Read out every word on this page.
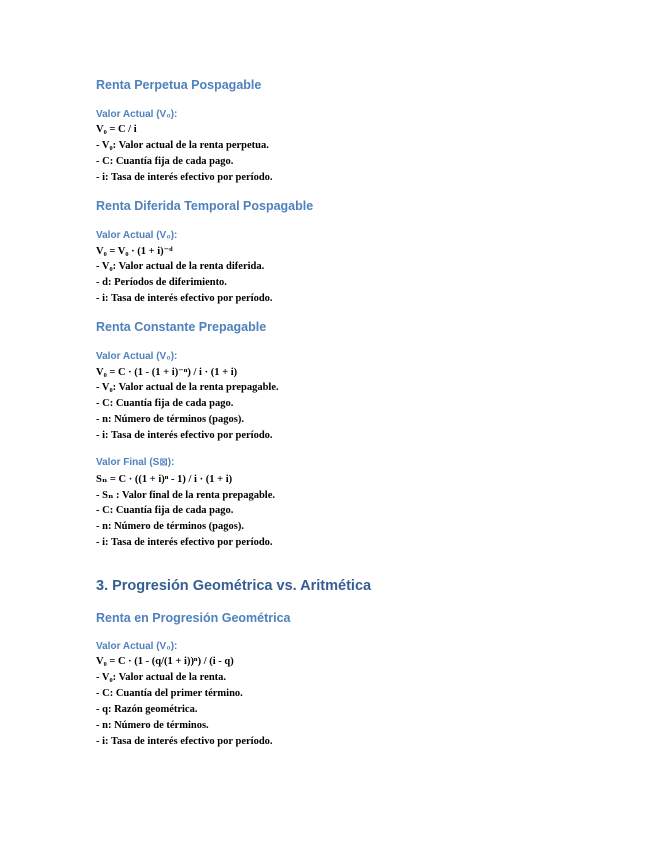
Renta Perpetua Pospagable
Valor Actual (V₀):
V₀ = C / i
- V₀: Valor actual de la renta perpetua.
- C: Cuantía fija de cada pago.
- i: Tasa de interés efectivo por período.
Renta Diferida Temporal Pospagable
Valor Actual (V₀):
V₀ = V₀ · (1 + i)⁻ᵈ
- V₀: Valor actual de la renta diferida.
- d: Períodos de diferimiento.
- i: Tasa de interés efectivo por período.
Renta Constante Prepagable
Valor Actual (V₀):
V₀ = C · (1 - (1 + i)⁻ⁿ) / i · (1 + i)
- V₀: Valor actual de la renta prepagable.
- C: Cuantía fija de cada pago.
- n: Número de términos (pagos).
- i: Tasa de interés efectivo por período.
Valor Final (S⊠):
Sₙ = C · ((1 + i)ⁿ - 1) / i · (1 + i)
- Sₙ : Valor final de la renta prepagable.
- C: Cuantía fija de cada pago.
- n: Número de términos (pagos).
- i: Tasa de interés efectivo por período.
3. Progresión Geométrica vs. Aritmética
Renta en Progresión Geométrica
Valor Actual (V₀):
V₀ = C · (1 - (q/(1 + i))ⁿ) / (i - q)
- V₀: Valor actual de la renta.
- C: Cuantía del primer término.
- q: Razón geométrica.
- n: Número de términos.
- i: Tasa de interés efectivo por período.
